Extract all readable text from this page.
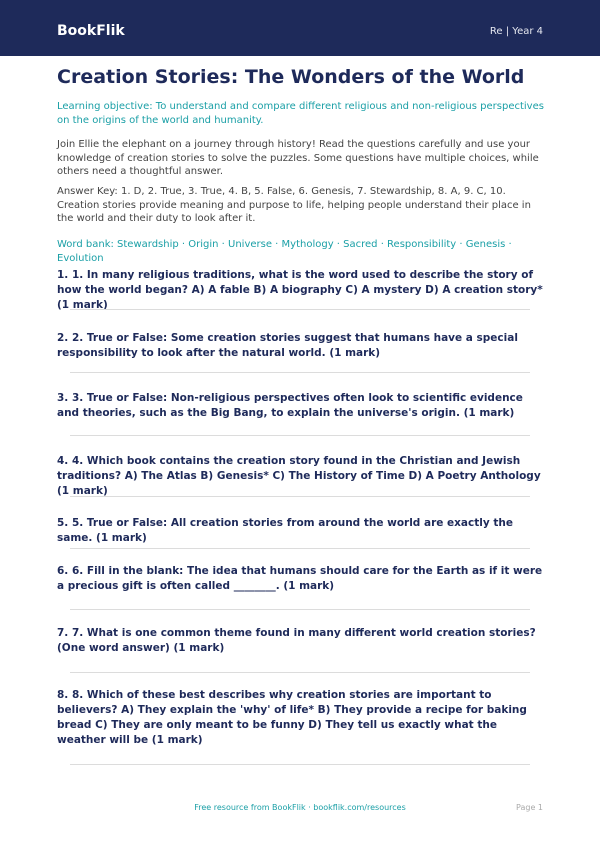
BookFlik	Re | Year 4
Creation Stories: The Wonders of the World

Learning objective: To understand and compare different religious and non-religious perspectives on the origins of the world and humanity.

Join Ellie the elephant on a journey through history! Read the questions carefully and use your knowledge of creation stories to solve the puzzles. Some questions have multiple choices, while others need a thoughtful answer.

Answer Key: 1. D, 2. True, 3. True, 4. B, 5. False, 6. Genesis, 7. Stewardship, 8. A, 9. C, 10. Creation stories provide meaning and purpose to life, helping people understand their place in the world and their duty to look after it.

Word bank: Stewardship · Origin · Universe · Mythology · Sacred · Responsibility · Genesis · Evolution

1. 1. In many religious traditions, what is the word used to describe the story of how the world began? A) A fable B) A biography C) A mystery D) A creation story* (1 mark)

2. 2. True or False: Some creation stories suggest that humans have a special responsibility to look after the natural world. (1 mark)

3. 3. True or False: Non-religious perspectives often look to scientific evidence and theories, such as the Big Bang, to explain the universe's origin. (1 mark)

4. 4. Which book contains the creation story found in the Christian and Jewish traditions? A) The Atlas B) Genesis* C) The History of Time D) A Poetry Anthology (1 mark)

5. 5. True or False: All creation stories from around the world are exactly the same. (1 mark)

6. 6. Fill in the blank: The idea that humans should care for the Earth as if it were a precious gift is often called ________. (1 mark)

7. 7. What is one common theme found in many different world creation stories? (One word answer) (1 mark)

8. 8. Which of these best describes why creation stories are important to believers? A) They explain the 'why' of life* B) They provide a recipe for baking bread C) They are only meant to be funny D) They tell us exactly what the weather will be (1 mark)

Free resource from BookFlik · bookflik.com/resources	Page 1
